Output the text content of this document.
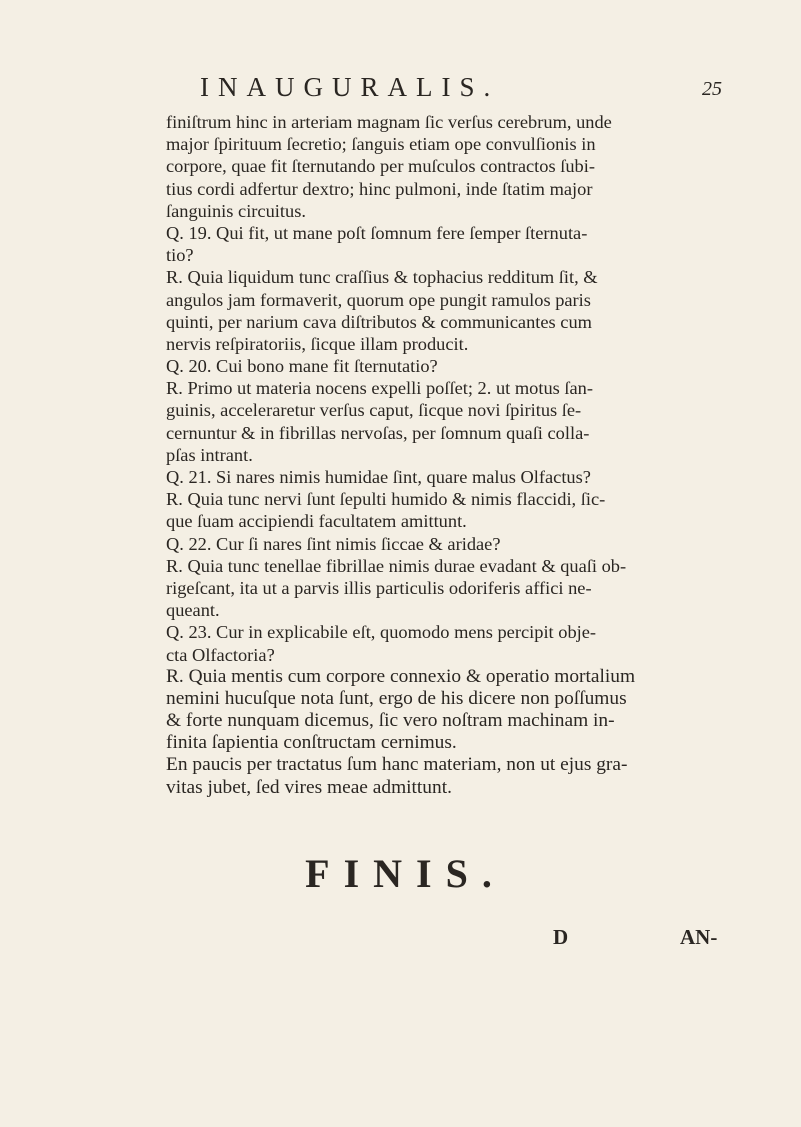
INAUGURALIS.	25
finiſtrum hinc in arteriam magnam ſic verſus cerebrum, unde
major ſpirituum ſecretio; ſanguis etiam ope convulſionis in
corpore, quae fit ſternutando per muſculos contractos ſubi-
tius cordi adfertur dextro; hinc pulmoni, inde ſtatim major
ſanguinis circuitus.
Q. 19. Qui fit, ut mane poſt ſomnum fere ſemper ſternuta-
tio?
R. Quia liquidum tunc craſſius & tophacius redditum ſit, &
angulos jam formaverit, quorum ope pungit ramulos paris
quinti, per narium cava diſtributos & communicantes cum
nervis reſpiratoriis, ſicque illam producit.
Q. 20. Cui bono mane fit ſternutatio?
R. Primo ut materia nocens expelli poſſet; 2. ut motus ſan-
guinis, acceleraretur verſus caput, ſicque novi ſpiritus ſe-
cernuntur & in fibrillas nervoſas, per ſomnum quaſi colla-
pſas intrant.
Q. 21. Si nares nimis humidae ſint, quare malus Olfactus?
R. Quia tunc nervi ſunt ſepulti humido & nimis flaccidi, ſic-
que ſuam accipiendi facultatem amittunt.
Q. 22. Cur ſi nares ſint nimis ſiccae & aridae?
R. Quia tunc tenellae fibrillae nimis durae evadant & quaſi ob-
rigeſcant, ita ut a parvis illis particulis odoriferis affici ne-
queant.
Q. 23. Cur in explicabile eſt, quomodo mens percipit obje-
cta Olfactoria?
R. Quia mentis cum corpore connexio & operatio mortalium
nemini hucuſque nota ſunt, ergo de his dicere non poſſumus
& forte nunquam dicemus, ſic vero noſtram machinam in-
finita ſapientia conſtructam cernimus.
En paucis per tractatus ſum hanc materiam, non ut ejus gra-
vitas jubet, ſed vires meae admittunt.
FINIS.
D	AN-
